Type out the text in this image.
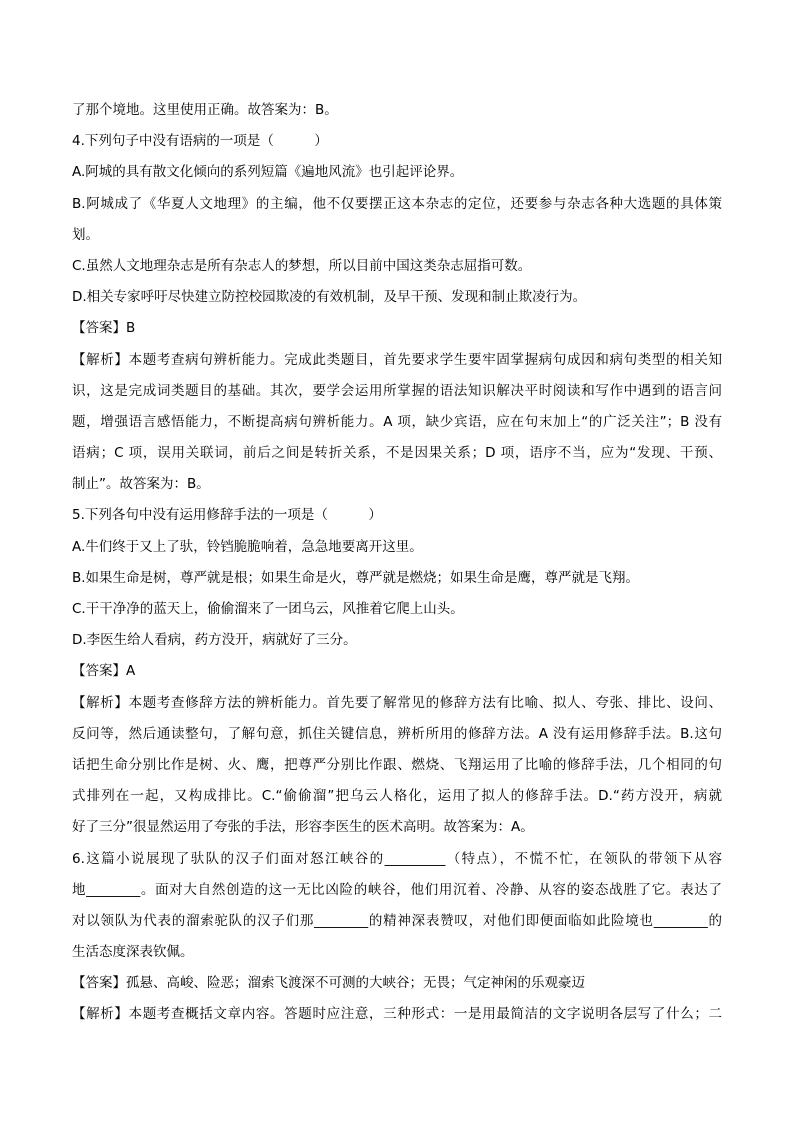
了那个境地。这里使用正确。故答案为：B。
4.下列句子中没有语病的一项是（　　　）
A.阿城的具有散文化倾向的系列短篇《遍地风流》也引起评论界。
B.阿城成了《华夏人文地理》的主编，他不仅要摆正这本杂志的定位，还要参与杂志各种大选题的具体策
划。
C.虽然人文地理杂志是所有杂志人的梦想，所以目前中国这类杂志屈指可数。
D.相关专家呼吁尽快建立防控校园欺凌的有效机制，及早干预、发现和制止欺凌行为。
【答案】B
【解析】本题考查病句辨析能力。完成此类题目，首先要求学生要牢固掌握病句成因和病句类型的相关知
识，这是完成词类题目的基础。其次，要学会运用所掌握的语法知识解决平时阅读和写作中遇到的语言问
题，增强语言感悟能力，不断提高病句辨析能力。A 项，缺少宾语，应在句末加上“的广泛关注”；B 没有
语病；C 项，误用关联词，前后之间是转折关系，不是因果关系；D 项，语序不当，应为“发现、干预、
制止”。故答案为：B。
5.下列各句中没有运用修辞手法的一项是（　　　）
A.牛们终于又上了驮，铃铛脆脆响着，急急地要离开这里。
B.如果生命是树，尊严就是根；如果生命是火，尊严就是燃烧；如果生命是鹰，尊严就是飞翔。
C.干干净净的蓝天上，偷偷溜来了一团乌云，风推着它爬上山头。
D.李医生给人看病，药方没开，病就好了三分。
【答案】A
【解析】本题考查修辞方法的辨析能力。首先要了解常见的修辞方法有比喻、拟人、夸张、排比、设问、
反问等，然后通读整句，了解句意，抓住关键信息，辨析所用的修辞方法。A 没有运用修辞手法。B.这句
话把生命分别比作是树、火、鹰，把尊严分别比作跟、燃烧、飞翔运用了比喻的修辞手法，几个相同的句
式排列在一起，又构成排比。C.“偷偷溜”把乌云人格化，运用了拟人的修辞手法。D.“药方没开，病就
好了三分”很显然运用了夸张的手法，形容李医生的医术高明。故答案为：A。
6.这篇小说展现了驮队的汉子们面对怒江峡谷的_________（特点），不慌不忙，在领队的带领下从容
地________。面对大自然创造的这一无比凶险的峡谷，他们用沉着、冷静、从容的姿态战胜了它。表达了
对以领队为代表的溜索驼队的汉子们那________的精神深表赞叹，对他们即便面临如此险境也________的
生活态度深表钦佩。
【答案】孤悬、高峻、险恶；溜索飞渡深不可测的大峡谷；无畏；气定神闲的乐观豪迈
【解析】本题考查概括文章内容。答题时应注意，三种形式：一是用最简洁的文字说明各层写了什么；二
